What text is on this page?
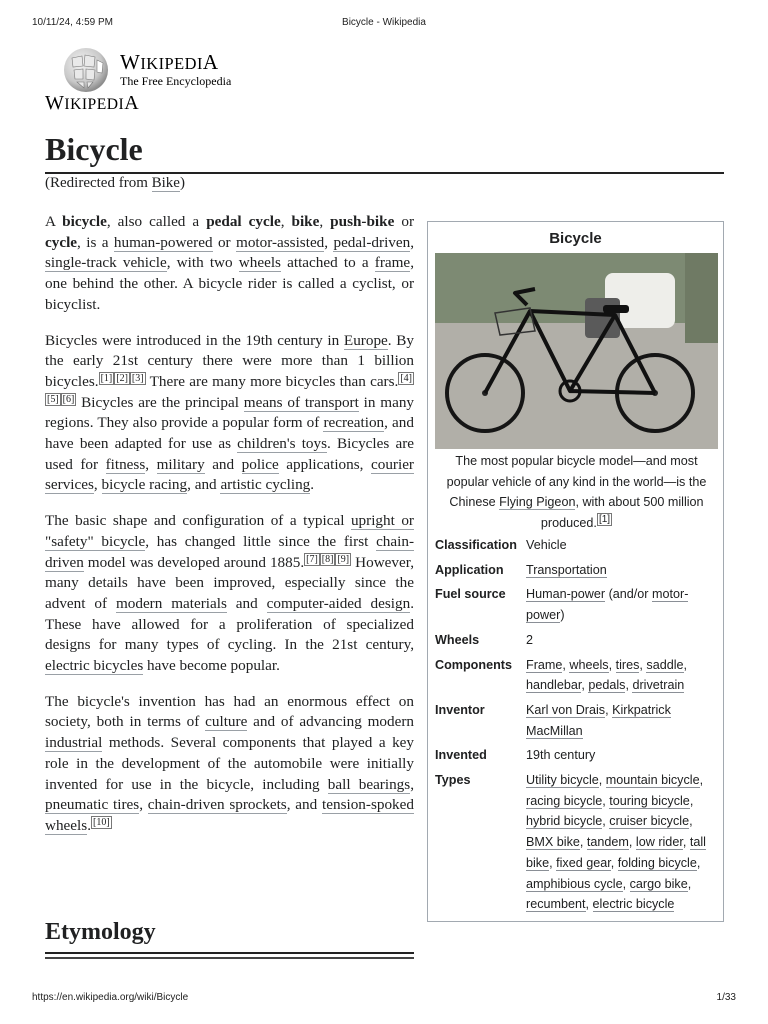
10/11/24, 4:59 PM	Bicycle - Wikipedia
WIKIPEDIA
The Free Encyclopedia
WIKIPEDIA
Bicycle
(Redirected from Bike)

A bicycle, also called a pedal cycle, bike, push-bike or cycle, is a human-powered or motor-assisted, pedal-driven, single-track vehicle, with two wheels attached to a frame, one behind the other. A bicycle rider is called a cyclist, or bicyclist.

Bicycles were introduced in the 19th century in Europe. By the early 21st century there were more than 1 billion bicycles. [1] [2] [3] There are many more bicycles than cars. [4][5] [6] Bicycles are the principal means of transport in many regions. They also provide a popular form of recreation, and have been adapted for use as children's toys. Bicycles are used for fitness, military and police applications, courier services, bicycle racing, and artistic cycling.

The basic shape and configuration of a typical upright or "safety" bicycle, has changed little since the first chain-driven model was developed around 1885. [7] [8] [9] However, many details have been improved, especially since the advent of modern materials and computer-aided design. These have allowed for a proliferation of specialized designs for many types of cycling. In the 21st century, electric bicycles have become popular.

The bicycle's invention has had an enormous effect on society, both in terms of culture and of advancing modern industrial methods. Several components that played a key role in the development of the automobile were initially invented for use in the bicycle, including ball bearings, pneumatic tires, chain-driven sprockets, and tension-spoked wheels. [10]

Etymology
Bicycle
The most popular bicycle model—and most popular vehicle of any kind in the world—is the Chinese Flying Pigeon, with about 500 million produced. [1]
Classification Vehicle
Application	Transportation
Fuel source	Human-power (and/or motor-power)
Wheels	2
Components	Frame, wheels, tires, saddle, handlebar, pedals, drivetrain
Inventor	Karl von Drais, Kirkpatrick MacMillan
Invented	19th century
Types	Utility bicycle, mountain bicycle, racing bicycle, touring bicycle, hybrid bicycle, cruiser bicycle, BMX bike, tandem, low rider, tall bike, fixed gear, folding bicycle, amphibious cycle, cargo bike, recumbent, electric bicycle
https://en.wikipedia.org/wiki/Bicycle	1/33
